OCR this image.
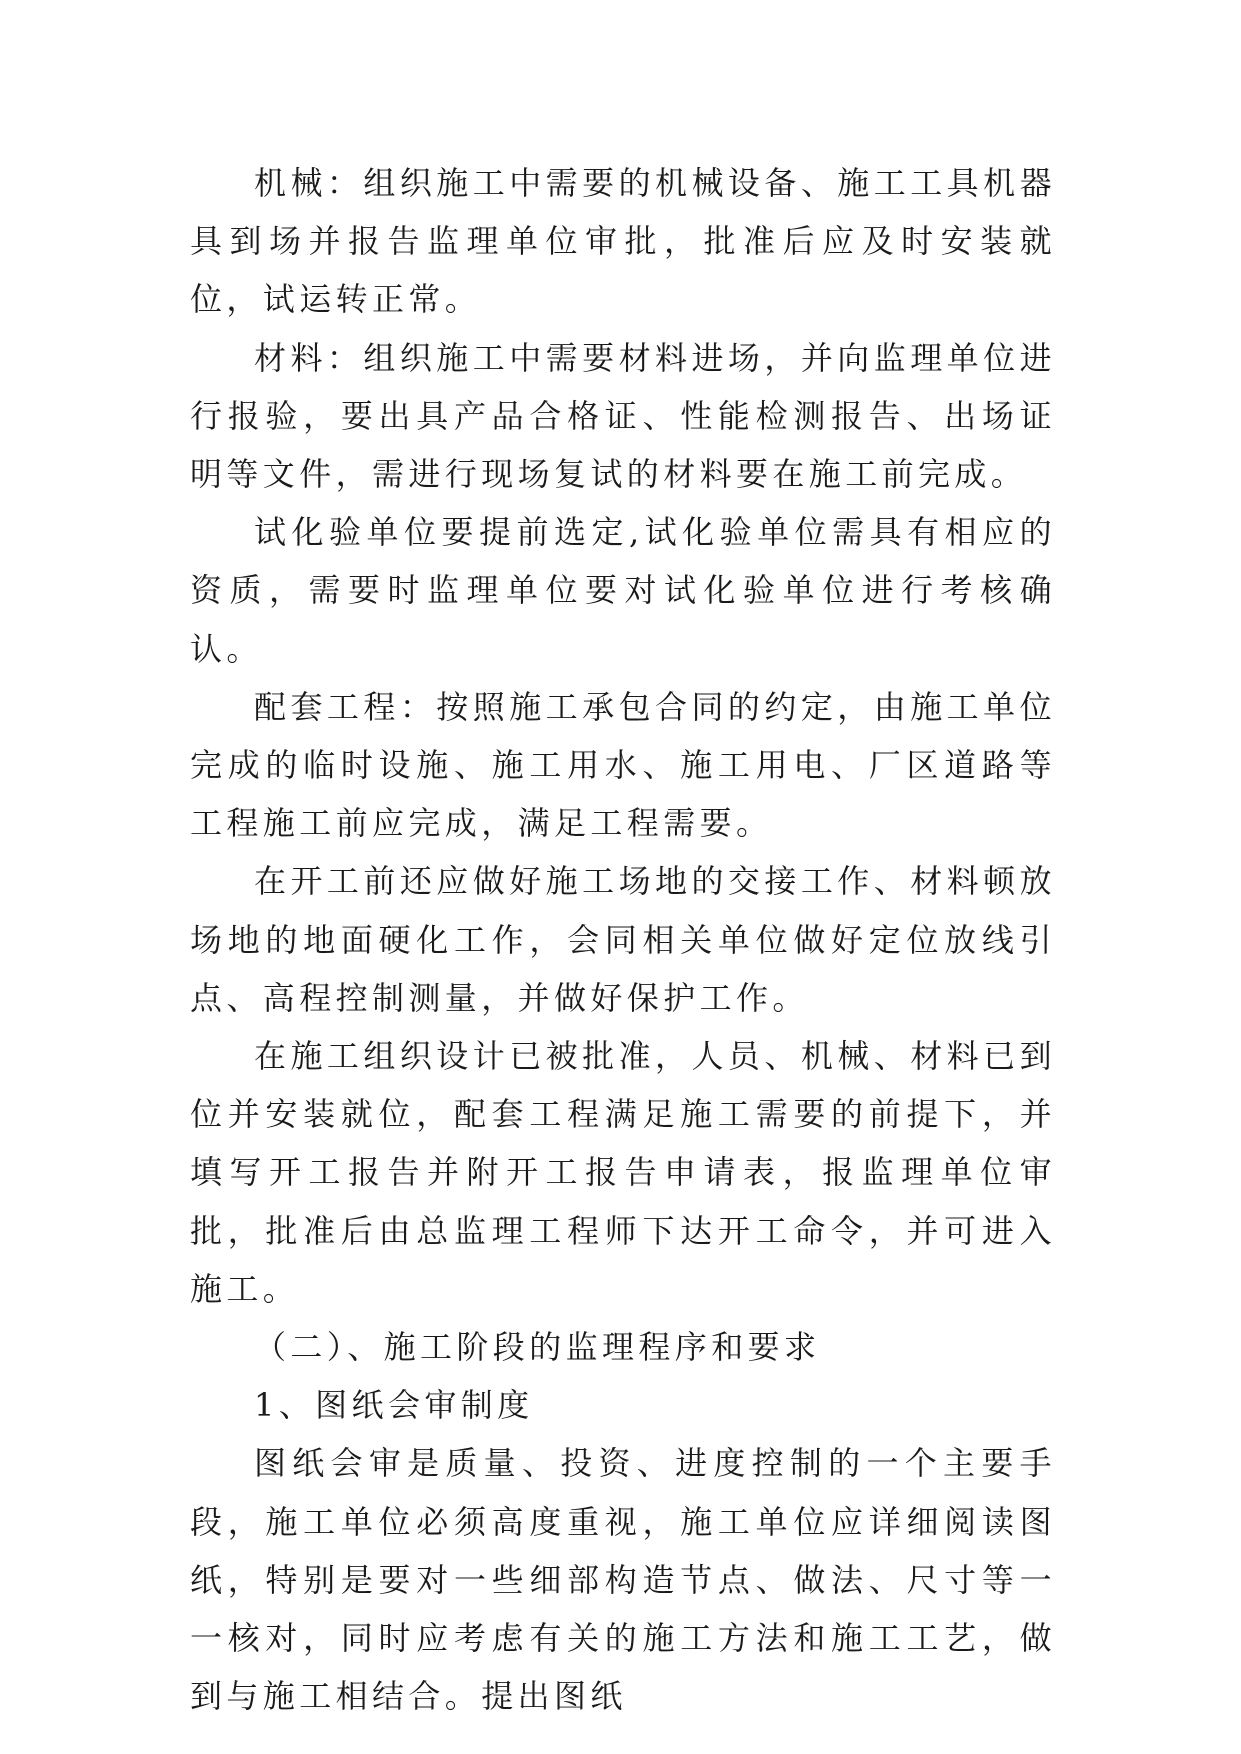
机械：组织施工中需要的机械设备、施工工具机器具到场并报告监理单位审批，批准后应及时安装就位，试运转正常。

材料：组织施工中需要材料进场，并向监理单位进行报验，要出具产品合格证、性能检测报告、出场证明等文件，需进行现场复试的材料要在施工前完成。

试化验单位要提前选定,试化验单位需具有相应的资质，需要时监理单位要对试化验单位进行考核确认。

配套工程：按照施工承包合同的约定，由施工单位完成的临时设施、施工用水、施工用电、厂区道路等工程施工前应完成，满足工程需要。

在开工前还应做好施工场地的交接工作、材料顿放场地的地面硬化工作，会同相关单位做好定位放线引点、高程控制测量，并做好保护工作。

在施工组织设计已被批准，人员、机械、材料已到位并安装就位，配套工程满足施工需要的前提下，并填写开工报告并附开工报告申请表，报监理单位审批，批准后由总监理工程师下达开工命令，并可进入施工。

（二）、施工阶段的监理程序和要求

1、图纸会审制度

图纸会审是质量、投资、进度控制的一个主要手段，施工单位必须高度重视，施工单位应详细阅读图纸，特别是要对一些细部构造节点、做法、尺寸等一一核对，同时应考虑有关的施工方法和施工工艺，做到与施工相结合。提出图纸
